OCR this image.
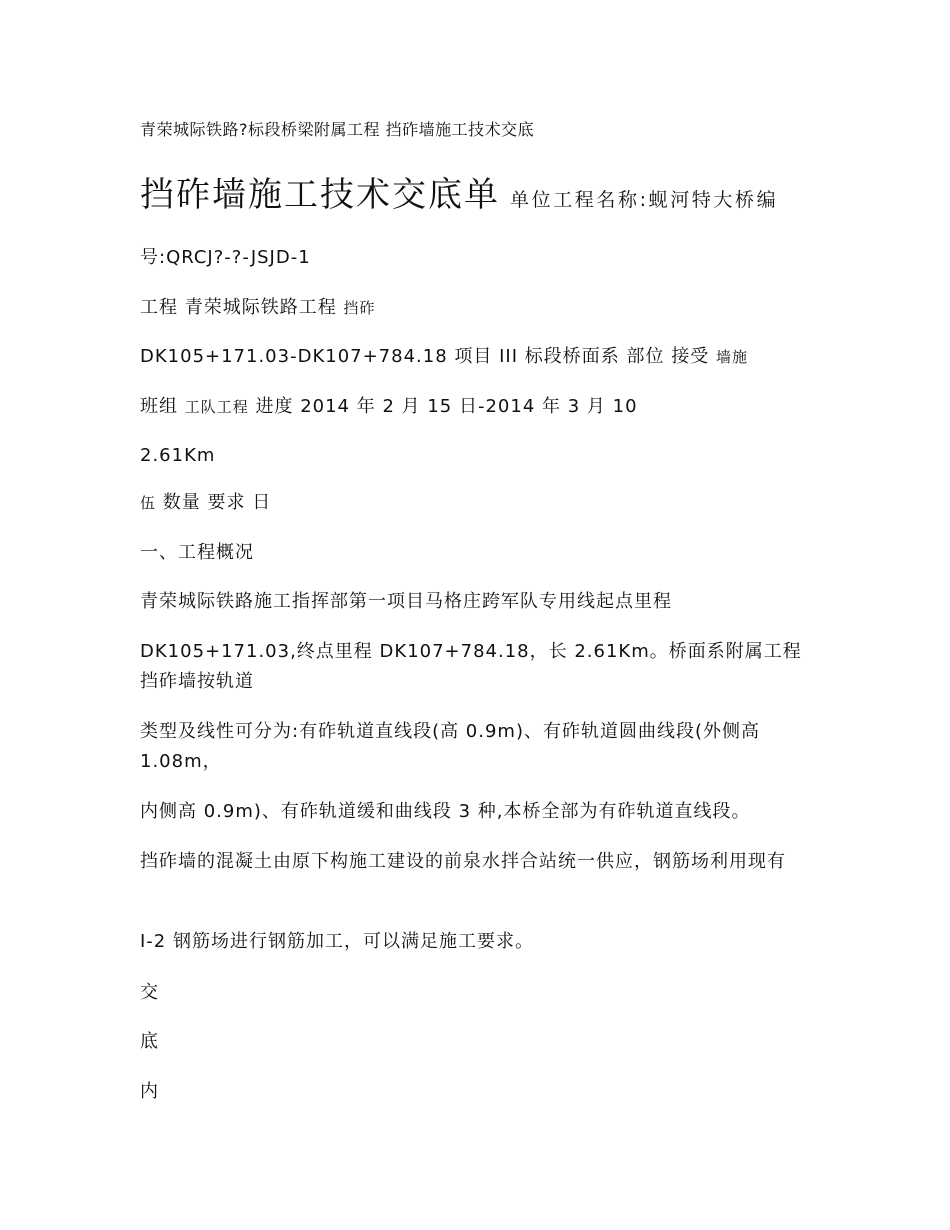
青荣城际铁路?标段桥梁附属工程 挡砟墙施工技术交底
挡砟墙施工技术交底单 单位工程名称:蚬河特大桥编
号:QRCJ?-?-JSJD-1
工程 青荣城际铁路工程 挡砟
DK105+171.03-DK107+784.18 项目 III 标段桥面系 部位 接受 墙施
班组 工队工程 进度 2014 年 2 月 15 日-2014 年 3 月 10
2.61Km
伍 数量 要求 日
一、工程概况
青荣城际铁路施工指挥部第一项目马格庄跨军队专用线起点里程
DK105+171.03,终点里程 DK107+784.18，长 2.61Km。桥面系附属工程挡砟墙按轨道
类型及线性可分为:有砟轨道直线段(高 0.9m)、有砟轨道圆曲线段(外侧高 1.08m，
内侧高 0.9m)、有砟轨道缓和曲线段 3 种,本桥全部为有砟轨道直线段。
挡砟墙的混凝土由原下构施工建设的前泉水拌合站统一供应，钢筋场利用现有
I-2 钢筋场进行钢筋加工，可以满足施工要求。
交
底
内
